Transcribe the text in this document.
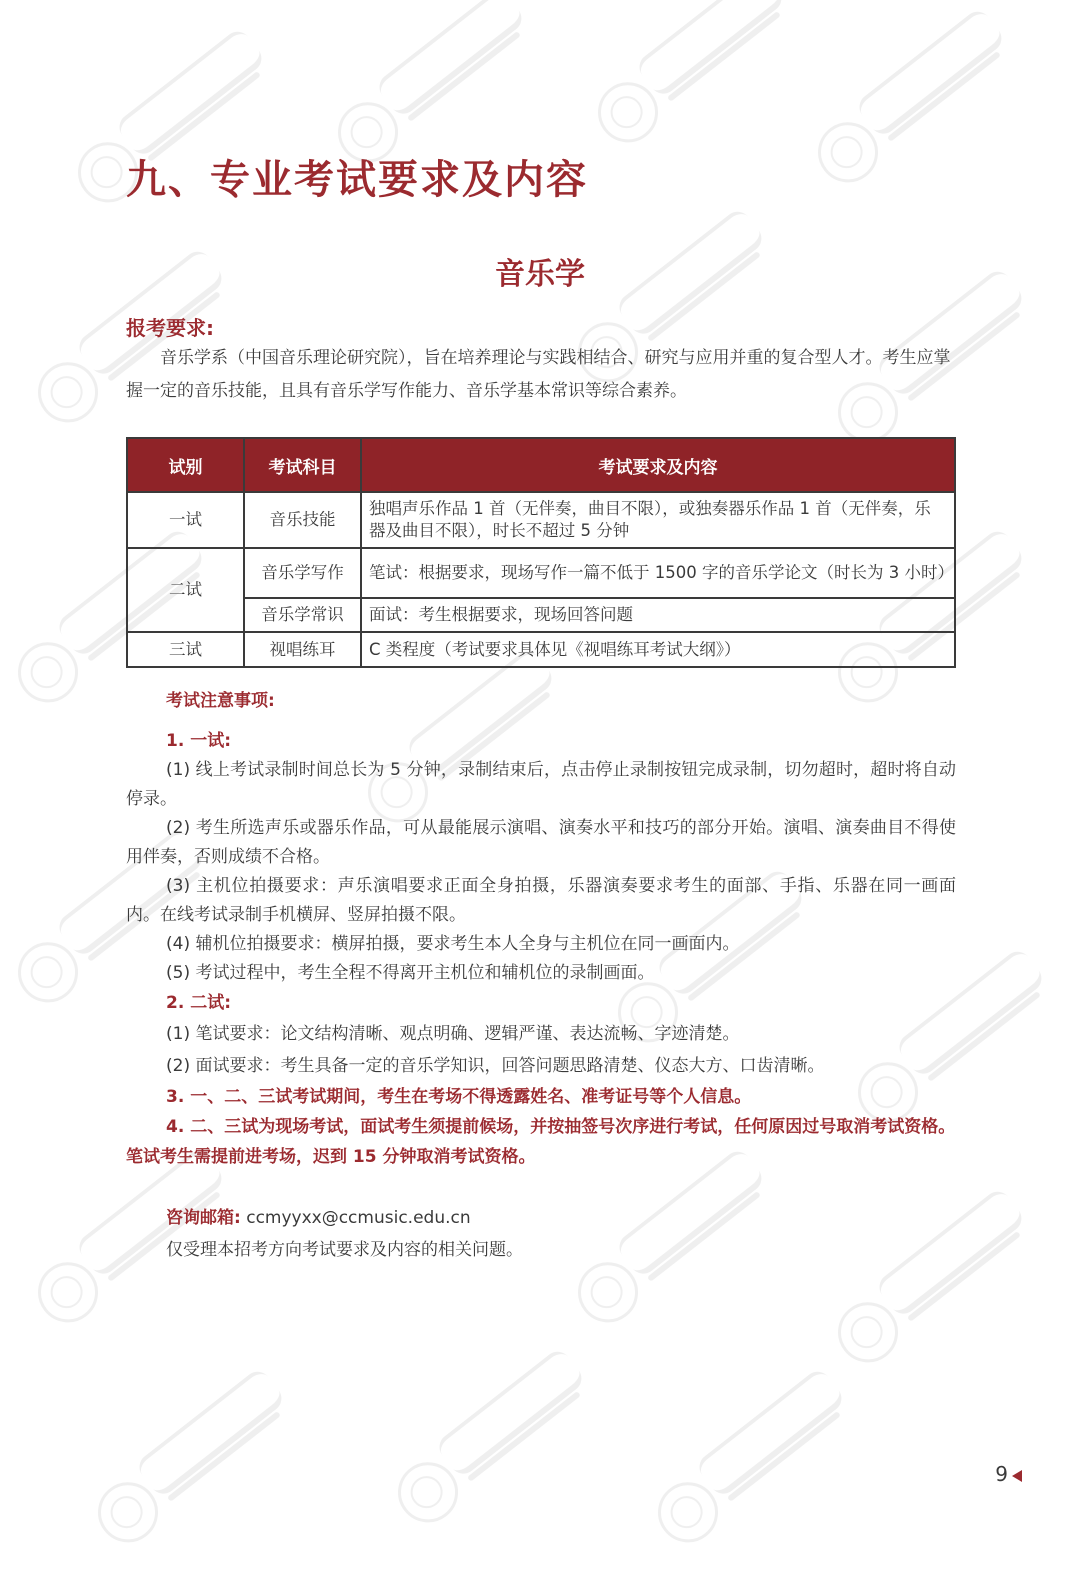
九、专业考试要求及内容
音乐学
报考要求:

音乐学系（中国音乐理论研究院），旨在培养理论与实践相结合、研究与应用并重的复合型人才。考生应掌握一定的音乐技能，且具有音乐学写作能力、音乐学基本常识等综合素养。

试别	考试科目	考试要求及内容
一试	音乐技能	独唱声乐作品 1 首（无伴奏，曲目不限），或独奏器乐作品 1 首（无伴奏，乐器及曲目不限），时长不超过 5 分钟
二试	音乐学写作	笔试：根据要求，现场写作一篇不低于 1500 字的音乐学论文（时长为 3 小时）
	音乐学常识	面试：考生根据要求，现场回答问题
三试	视唱练耳	C 类程度（考试要求具体见《视唱练耳考试大纲》）
考试注意事项:
1. 一试:

(1) 线上考试录制时间总长为 5 分钟，录制结束后，点击停止录制按钮完成录制，切勿超时，超时将自动停录。

(2) 考生所选声乐或器乐作品，可从最能展示演唱、演奏水平和技巧的部分开始。演唱、演奏曲目不得使用伴奏，否则成绩不合格。

(3) 主机位拍摄要求：声乐演唱要求正面全身拍摄，乐器演奏要求考生的面部、手指、乐器在同一画面内。在线考试录制手机横屏、竖屏拍摄不限。

(4) 辅机位拍摄要求：横屏拍摄，要求考生本人全身与主机位在同一画面内。

(5) 考试过程中，考生全程不得离开主机位和辅机位的录制画面。

2. 二试:

(1) 笔试要求：论文结构清晰、观点明确、逻辑严谨、表达流畅、字迹清楚。

(2) 面试要求：考生具备一定的音乐学知识，回答问题思路清楚、仪态大方、口齿清晰。

3. 一、二、三试考试期间，考生在考场不得透露姓名、准考证号等个人信息。

4. 二、三试为现场考试，面试考生须提前候场，并按抽签号次序进行考试，任何原因过号取消考试资格。笔试考生需提前进考场，迟到 15 分钟取消考试资格。

咨询邮箱: ccmyyxx@ccmusic.edu.cn
仅受理本招考方向考试要求及内容的相关问题。
9
